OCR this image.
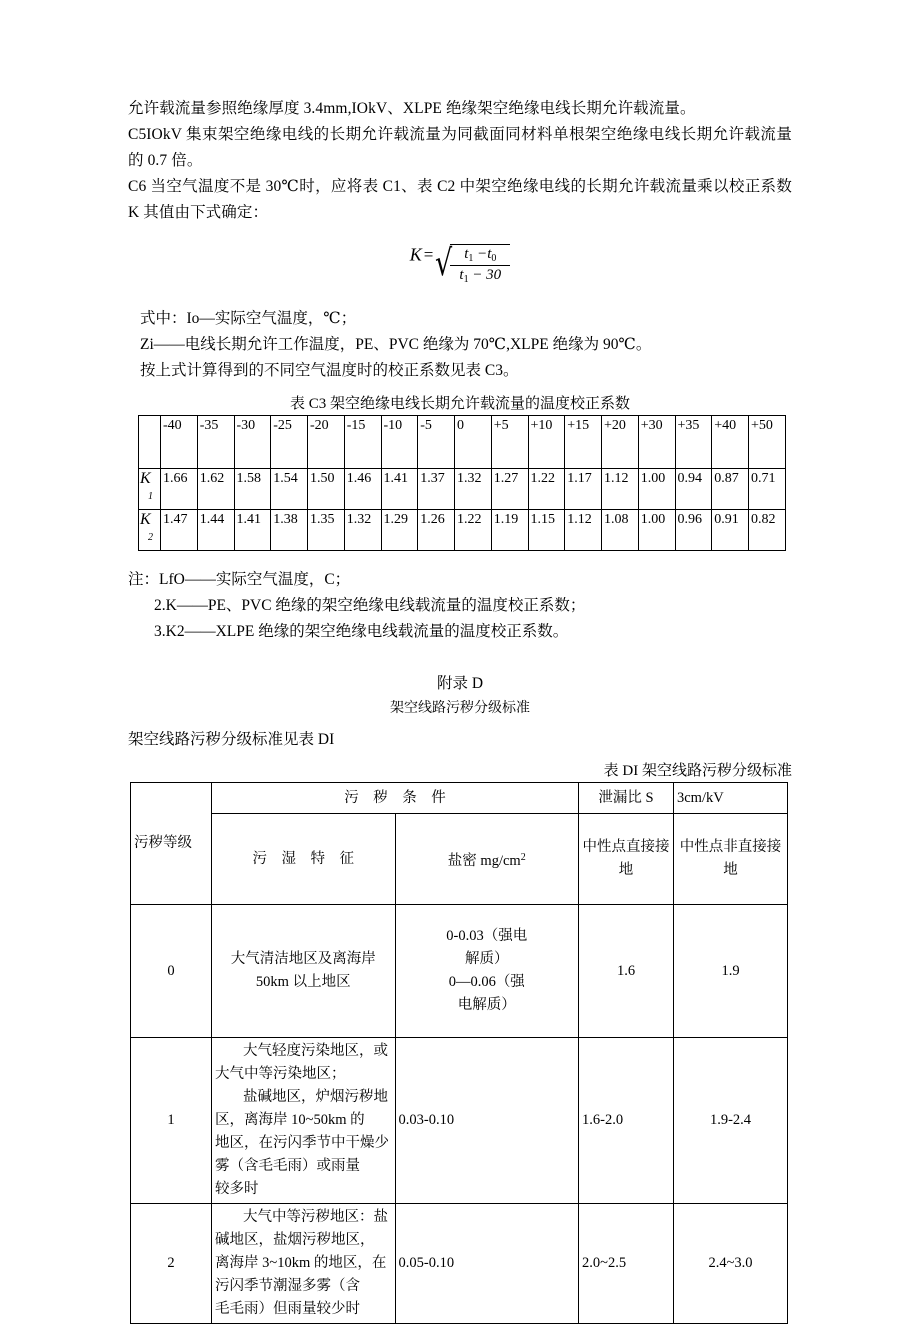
允许载流量参照绝缘厚度 3.4mm,IOkV、XLPE 绝缘架空绝缘电线长期允许载流量。

C5IOkV 集束架空绝缘电线的长期允许载流量为同截面同材料单根架空绝缘电线长期允许载流量的 0.7 倍。

C6 当空气温度不是 30℃时，应将表 C1、表 C2 中架空绝缘电线的长期允许载流量乘以校正系数 K 其值由下式确定：

K = √
$\frac{t_1 -t_0}{t_1 - 30}$

式中：Io—实际空气温度，℃；

Zi——电线长期允许工作温度，PE、PVC 绝缘为 70℃,XLPE 绝缘为 90℃。

按上式计算得到的不同空气温度时的校正系数见表 C3。

表 C3 架空绝缘电线长期允许载流量的温度校正系数
	-40	-35	-30	-25	-20	-15	-10	-5	0	+5	+10	+15	+20	+30	+35	+40	+50
K
1	1.66	1.62	1.58	1.54	1.50	1.46	1.41	1.37	1.32	1.27	1.22	1.17	1.12	1.00	0.94	0.87	0.71
K
2	1.47	1.44	1.41	1.38	1.35	1.32	1.29	1.26	1.22	1.19	1.15	1.12	1.08	1.00	0.96	0.91	0.82

注：LfO——实际空气温度，C；

2.K——PE、PVC 绝缘的架空绝缘电线载流量的温度校正系数；

3.K2——XLPE 绝缘的架空绝缘电线载流量的温度校正系数。

附录 D
架空线路污秽分级标准
架空线路污秽分级标准见表 DI
表 DI 架空线路污秽分级标准
污秽等级	污　秽　条　件		泄漏比 S	3cm/kV
	污　湿　特　征	盐密 $mg/cm^2$	中性点直接接地	中性点非直接接地
0	大气清洁地区及离海岸 50km 以上地区	0-0.03（强电
解质）
0—0.06（强
电解质）	1.6	1.9
1	大气轻度污染地区，或大气中等污染地区；
盐碱地区，炉烟污秽地区，离海岸 10~50km 的
地区，在污闪季节中干燥少雾（含毛毛雨）或雨量
较多时	0.03-0.10	1.6-2.0	1.9-2.4
2	大气中等污秽地区：盐碱地区，盐烟污秽地区，
离海岸 3~10km 的地区，在污闪季节潮湿多雾（含
毛毛雨）但雨量较少时	0.05-0.10	2.0~2.5	2.4~3.0
